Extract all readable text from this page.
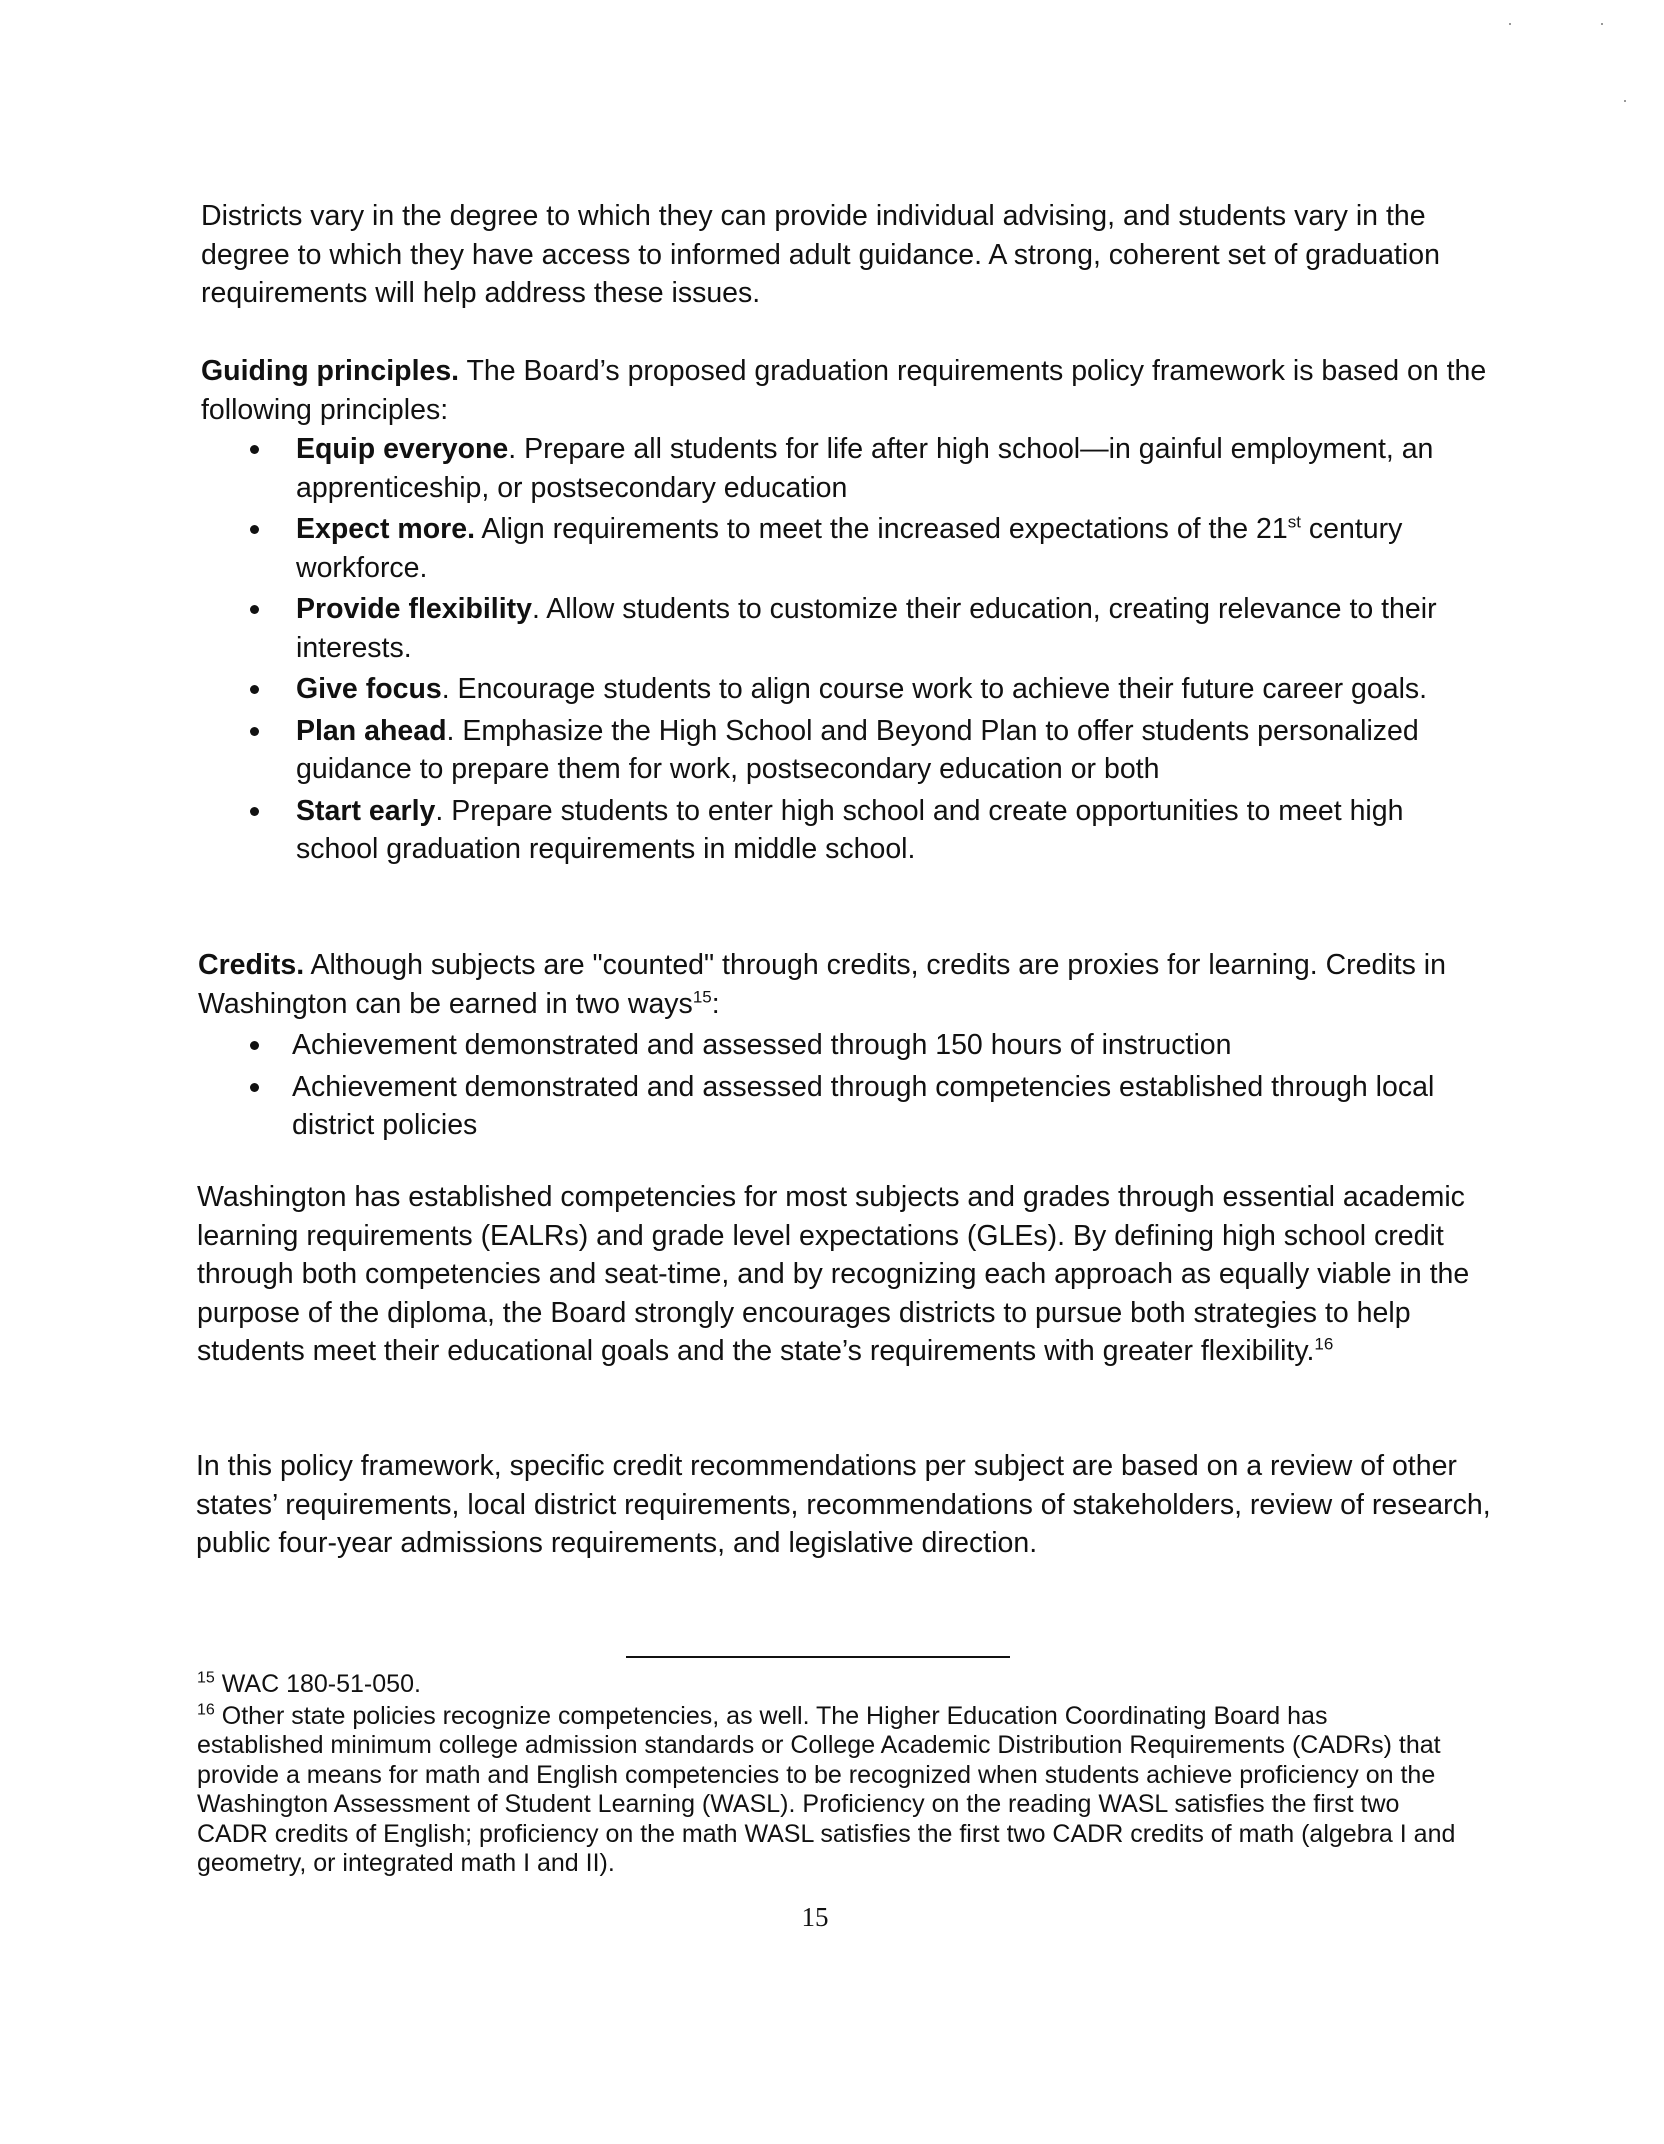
Districts vary in the degree to which they can provide individual advising, and students vary in the degree to which they have access to informed adult guidance. A strong, coherent set of graduation requirements will help address these issues.

Guiding principles. The Board’s proposed graduation requirements policy framework is based on the following principles:

Equip everyone. Prepare all students for life after high school—in gainful employment, an apprenticeship, or postsecondary education
Expect more. Align requirements to meet the increased expectations of the 21st century workforce.
Provide flexibility. Allow students to customize their education, creating relevance to their interests.
Give focus. Encourage students to align course work to achieve their future career goals.
Plan ahead. Emphasize the High School and Beyond Plan to offer students personalized guidance to prepare them for work, postsecondary education or both
Start early. Prepare students to enter high school and create opportunities to meet high school graduation requirements in middle school.

Credits. Although subjects are "counted" through credits, credits are proxies for learning. Credits in Washington can be earned in two ways$^{15}$:

Achievement demonstrated and assessed through 150 hours of instruction
Achievement demonstrated and assessed through competencies established through local district policies

Washington has established competencies for most subjects and grades through essential academic learning requirements (EALRs) and grade level expectations (GLEs). By defining high school credit through both competencies and seat-time, and by recognizing each approach as equally viable in the purpose of the diploma, the Board strongly encourages districts to pursue both strategies to help students meet their educational goals and the state’s requirements with greater flexibility.$^{16}$

In this policy framework, specific credit recommendations per subject are based on a review of other states’ requirements, local district requirements, recommendations of stakeholders, review of research, public four-year admissions requirements, and legislative direction.

$^{15}$ WAC 180-51-050.

$^{16}$ Other state policies recognize competencies, as well. The Higher Education Coordinating Board has established minimum college admission standards or College Academic Distribution Requirements (CADRs) that provide a means for math and English competencies to be recognized when students achieve proficiency on the Washington Assessment of Student Learning (WASL). Proficiency on the reading WASL satisfies the first two CADR credits of English; proficiency on the math WASL satisfies the first two CADR credits of math (algebra I and geometry, or integrated math I and II).

15
